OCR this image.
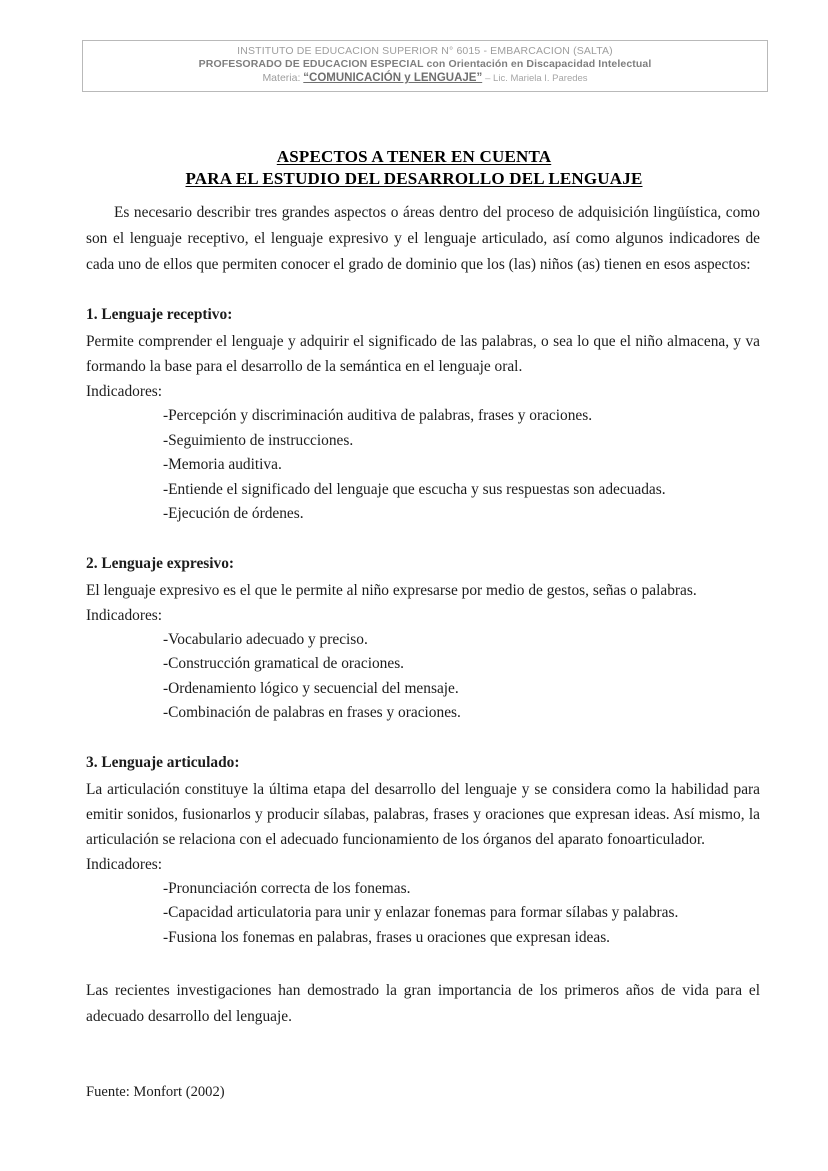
INSTITUTO DE EDUCACION SUPERIOR N° 6015 - EMBARCACION (SALTA)
PROFESORADO DE EDUCACION ESPECIAL con Orientación en Discapacidad Intelectual
Materia: “COMUNICACIÓN y LENGUAJE” – Lic. Mariela I. Paredes
ASPECTOS A TENER EN CUENTA
PARA EL ESTUDIO DEL DESARROLLO DEL LENGUAJE

Es necesario describir tres grandes aspectos o áreas dentro del proceso de adquisición lingüística, como son el lenguaje receptivo, el lenguaje expresivo y el lenguaje articulado, así como algunos indicadores de cada uno de ellos que permiten conocer el grado de dominio que los (las) niños (as) tienen en esos aspectos:

1. Lenguaje receptivo:

Permite comprender el lenguaje y adquirir el significado de las palabras, o sea lo que el niño almacena, y va formando la base para el desarrollo de la semántica en el lenguaje oral.

Indicadores:

-Percepción y discriminación auditiva de palabras, frases y oraciones.
-Seguimiento de instrucciones.
-Memoria auditiva.
-Entiende el significado del lenguaje que escucha y sus respuestas son adecuadas.
-Ejecución de órdenes.

2. Lenguaje expresivo:

El lenguaje expresivo es el que le permite al niño expresarse por medio de gestos, señas o palabras.

Indicadores:

-Vocabulario adecuado y preciso.
-Construcción gramatical de oraciones.
-Ordenamiento lógico y secuencial del mensaje.
-Combinación de palabras en frases y oraciones.

3. Lenguaje articulado:

La articulación constituye la última etapa del desarrollo del lenguaje y se considera como la habilidad para emitir sonidos, fusionarlos y producir sílabas, palabras, frases y oraciones que expresan ideas. Así mismo, la articulación se relaciona con el adecuado funcionamiento de los órganos del aparato fonoarticulador.

Indicadores:

-Pronunciación correcta de los fonemas.
-Capacidad articulatoria para unir y enlazar fonemas para formar sílabas y palabras.
-Fusiona los fonemas en palabras, frases u oraciones que expresan ideas.

Las recientes investigaciones han demostrado la gran importancia de los primeros años de vida para el adecuado desarrollo del lenguaje.

Fuente: Monfort (2002)
